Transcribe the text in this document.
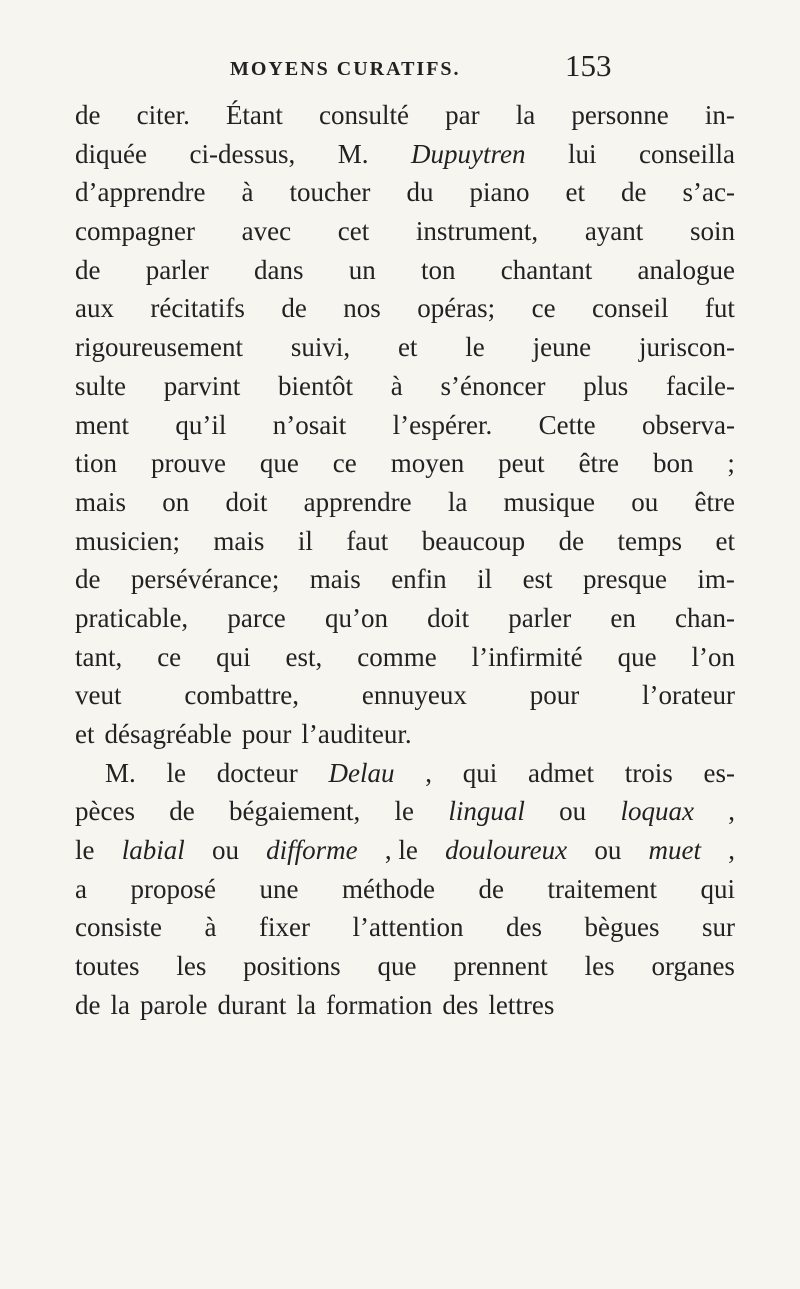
MOYENS CURATIFS.	153
de citer. Étant consulté par la personne in-
diquée ci-dessus, M. Dupuytren lui conseilla
d’apprendre à toucher du piano et de s’ac-
compagner avec cet instrument, ayant soin
de parler dans un ton chantant analogue
aux récitatifs de nos opéras; ce conseil fut
rigoureusement suivi, et le jeune juriscon-
sulte parvint bientôt à s’énoncer plus facile-
ment qu’il n’osait l’espérer. Cette observa-
tion prouve que ce moyen peut être bon ;
mais on doit apprendre la musique ou être
musicien; mais il faut beaucoup de temps et
de persévérance; mais enfin il est presque im-
praticable, parce qu’on doit parler en chan-
tant, ce qui est, comme l’infirmité que l’on
veut combattre, ennuyeux pour l’orateur
et désagréable pour l’auditeur.
M. le docteur Delau , qui admet trois es-
pèces de bégaiement, le lingual ou loquax ,
le labial ou difforme , le douloureux ou muet ,
a proposé une méthode de traitement qui
consiste à fixer l’attention des bègues sur
toutes les positions que prennent les organes
de la parole durant la formation des lettres
